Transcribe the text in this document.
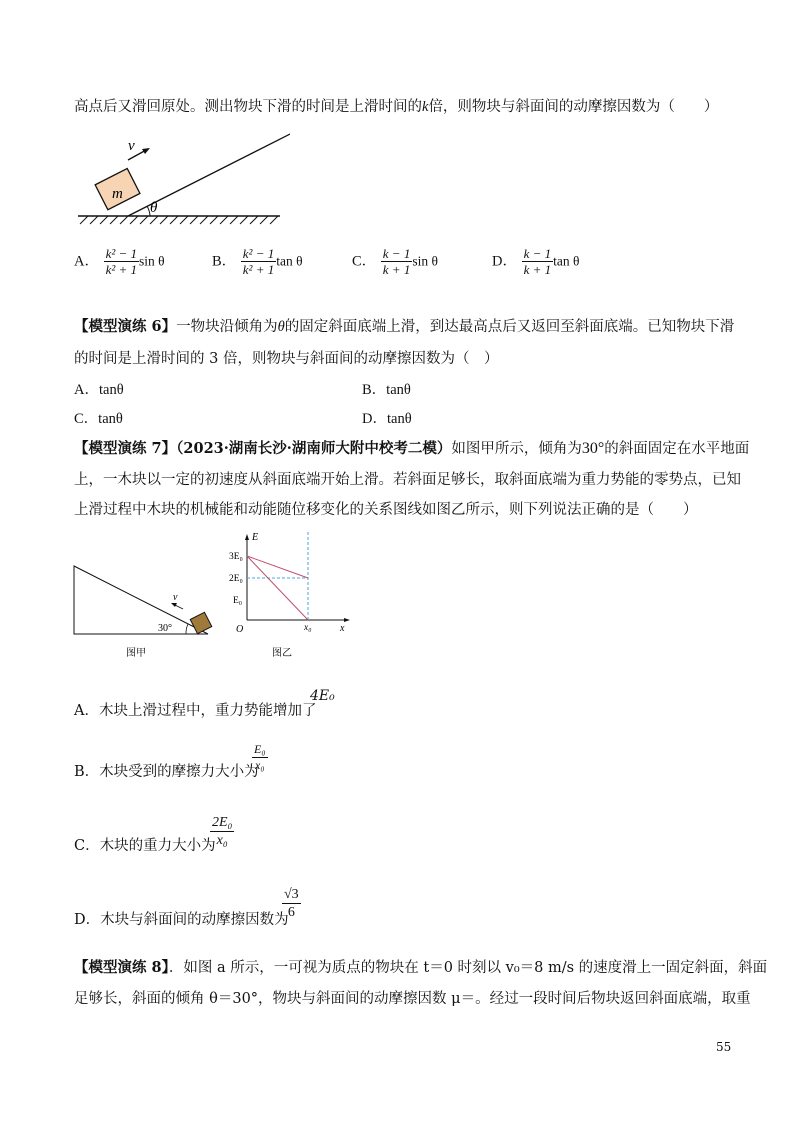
高点后又滑回原处。测出物块下滑的时间是上滑时间的k倍，则物块与斜面间的动摩擦因数为（　　）
m
v
θ
A． $\frac{\text{k² − 1}}{\text{k² + 1}}$ sin θ	B． $\frac{\text{k² − 1}}{\text{k² + 1}}$ tan θ	C． $\frac{k - 1}{k + 1}$ sin θ	D． $\frac{k - 1}{k + 1}$ tan θ
【模型演练 6】一物块沿倾角为θ的固定斜面底端上滑，到达最高点后又返回至斜面底端。已知物块下滑
的时间是上滑时间的 3 倍，则物块与斜面间的动摩擦因数为（　）
A．tanθ	B．tanθ
C．tanθ	D．tanθ
【模型演练 7】（2023·湖南长沙·湖南师大附中校考二模）如图甲所示，倾角为30°的斜面固定在水平地面
上，一木块以一定的初速度从斜面底端开始上滑。若斜面足够长，取斜面底端为重力势能的零势点，已知
上滑过程中木块的机械能和动能随位移变化的关系图线如图乙所示，则下列说法正确的是（　　）
v
30°
图甲
E
x
O
3E₀
2E₀
E₀
x₀
图乙
A．木块上滑过程中，重力势能增加了
4E₀
B．木块受到的摩擦力大小为
$\frac{\text{E₀}}{\text{x₀}}$
C．木块的重力大小为
$\frac{\text{2E₀}}{\text{x₀}}$
D．木块与斜面间的动摩擦因数为
$\frac{√3}{6}$
【模型演练 8】．如图 a 所示，一可视为质点的物块在 t＝0 时刻以 v₀＝8 m/s 的速度滑上一固定斜面，斜面
足够长，斜面的倾角 θ＝30°，物块与斜面间的动摩擦因数 μ＝。经过一段时间后物块返回斜面底端，取重
55
